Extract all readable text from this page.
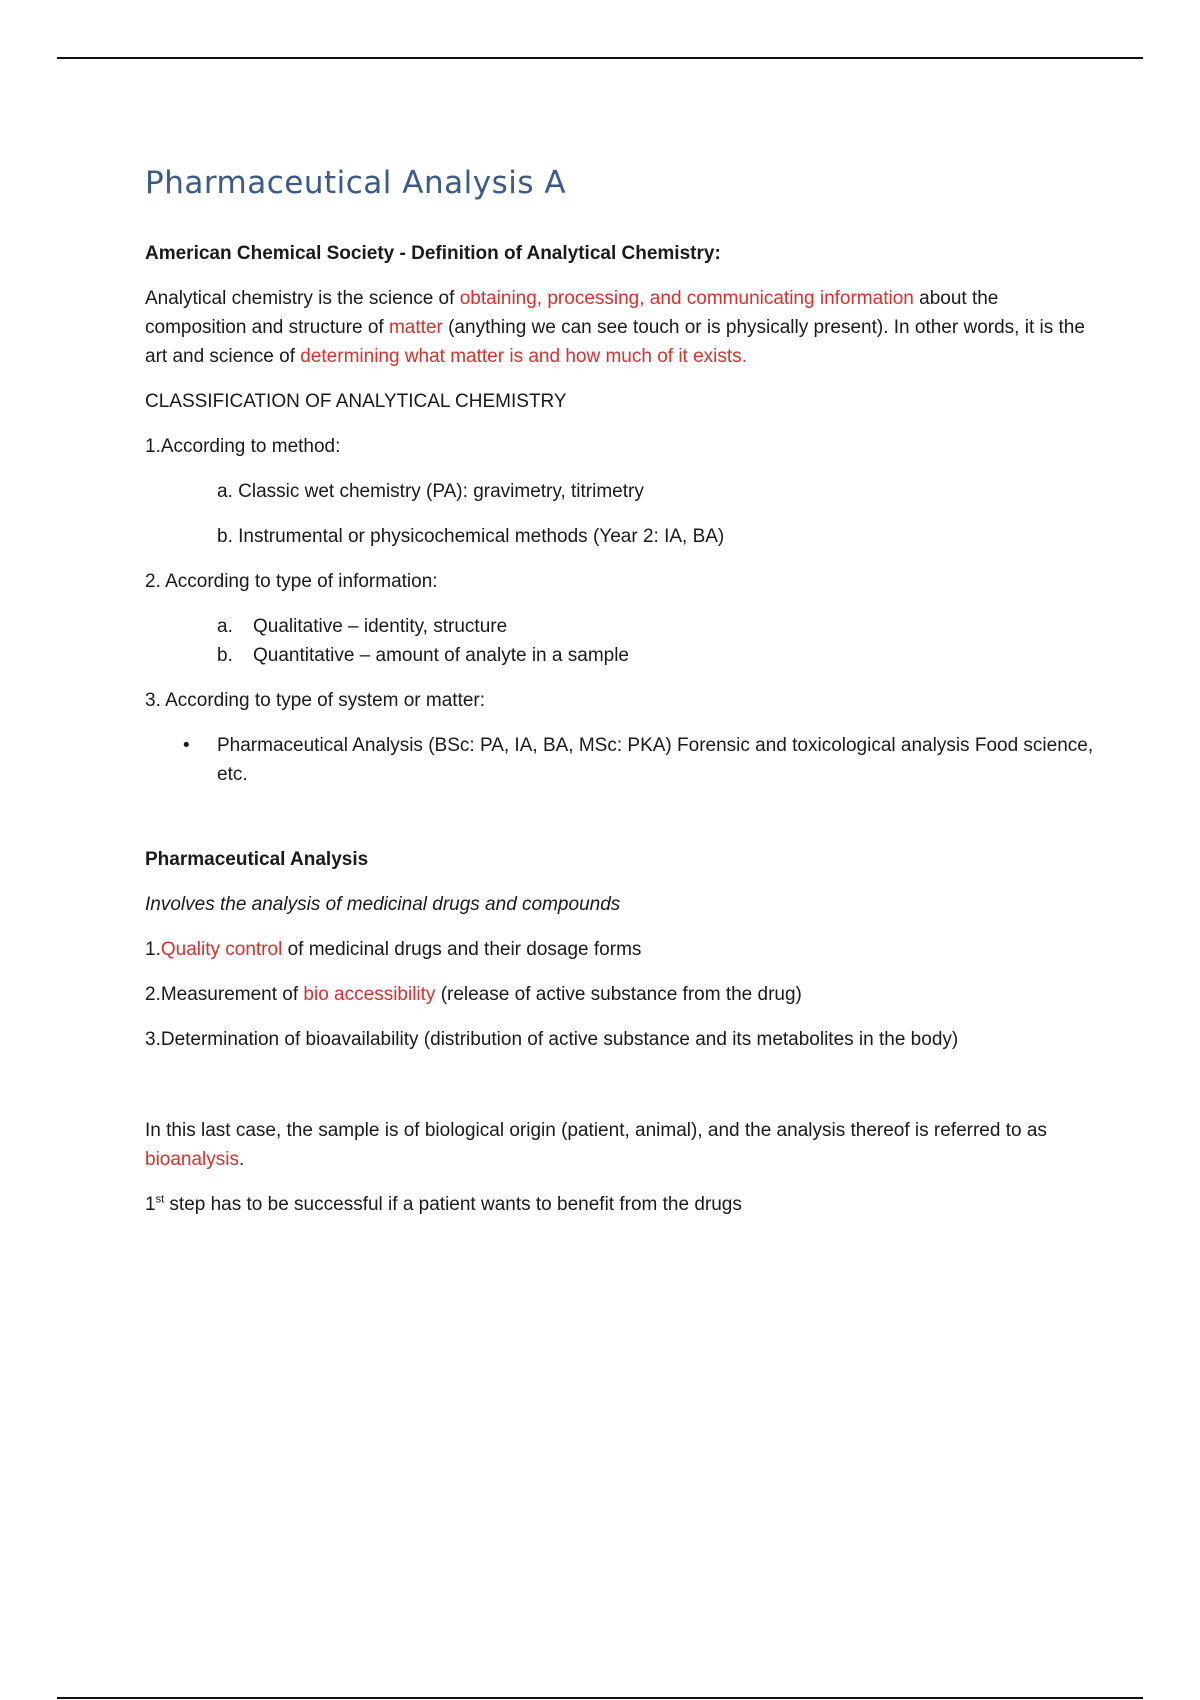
Pharmaceutical Analysis A

American Chemical Society - Definition of Analytical Chemistry:

Analytical chemistry is the science of obtaining, processing, and communicating information about the composition and structure of matter (anything we can see touch or is physically present). In other words, it is the art and science of determining what matter is and how much of it exists.

CLASSIFICATION OF ANALYTICAL CHEMISTRY

1.According to method:

a. Classic wet chemistry (PA): gravimetry, titrimetry

b. Instrumental or physicochemical methods (Year 2: IA, BA)

2. According to type of information:

a.	Qualitative – identity, structure

b.	Quantitative – amount of analyte in a sample

3. According to type of system or matter:

•	Pharmaceutical Analysis (BSc: PA, IA, BA, MSc: PKA) Forensic and toxicological analysis Food science, etc.

Pharmaceutical Analysis

Involves the analysis of medicinal drugs and compounds

1.Quality control of medicinal drugs and their dosage forms

2.Measurement of bio accessibility (release of active substance from the drug)

3.Determination of bioavailability (distribution of active substance and its metabolites in the body)

In this last case, the sample is of biological origin (patient, animal), and the analysis thereof is referred to as bioanalysis.

1st step has to be successful if a patient wants to benefit from the drugs
